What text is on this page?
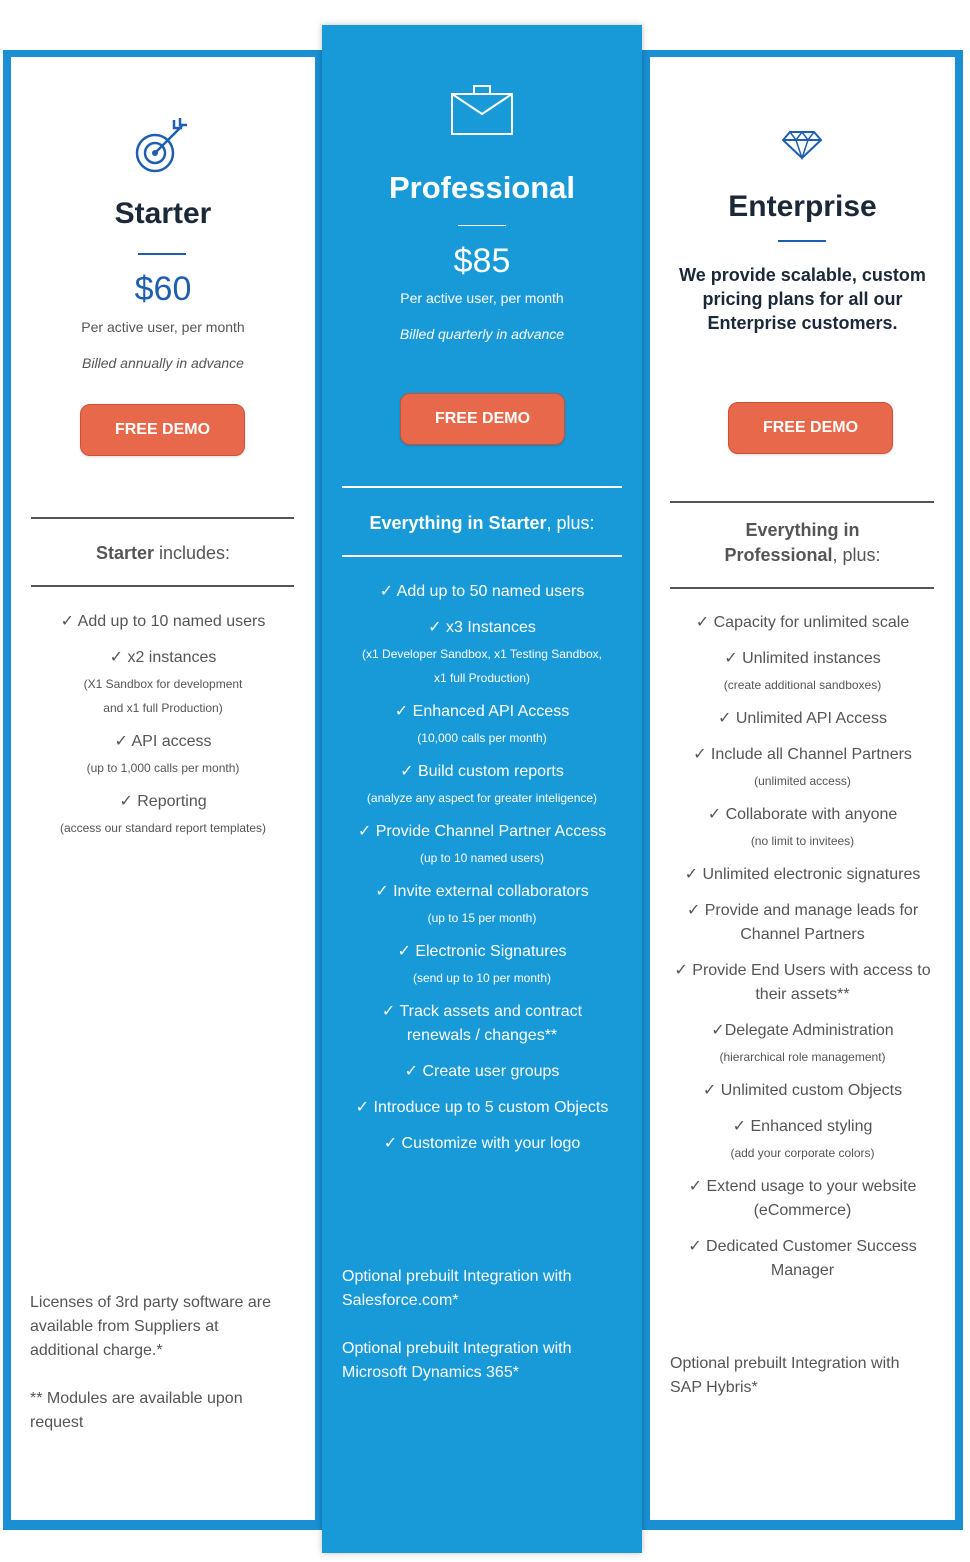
Starter
$60
Per active user, per month
Billed annually in advance
FREE DEMO
Starter includes:
✓ Add up to 10 named users
✓ x2 instances
(X1 Sandbox for development
and x1 full Production)
✓ API access
(up to 1,000 calls per month)
✓ Reporting
(access our standard report templates)
Licenses of 3rd party software are
available from Suppliers at
additional charge.*
** Modules are available upon
request
Professional
$85
Per active user, per month
Billed quarterly in advance
FREE DEMO
Everything in Starter, plus:
✓ Add up to 50 named users
✓ x3 Instances
(x1 Developer Sandbox, x1 Testing Sandbox,
x1 full Production)
✓ Enhanced API Access
(10,000 calls per month)
✓ Build custom reports
(analyze any aspect for greater inteligence)
✓ Provide Channel Partner Access
(up to 10 named users)
✓ Invite external collaborators
(up to 15 per month)
✓ Electronic Signatures
(send up to 10 per month)
✓ Track assets and contract
renewals / changes**
✓ Create user groups
✓ Introduce up to 5 custom Objects
✓ Customize with your logo
Optional prebuilt Integration with
Salesforce.com*
Optional prebuilt Integration with
Microsoft Dynamics 365*
Enterprise
We provide scalable, custom
pricing plans for all our
Enterprise customers.
FREE DEMO
Everything in
Professional, plus:
✓ Capacity for unlimited scale
✓ Unlimited instances
(create additional sandboxes)
✓ Unlimited API Access
✓ Include all Channel Partners
(unlimited access)
✓ Collaborate with anyone
(no limit to invitees)
✓ Unlimited electronic signatures
✓ Provide and manage leads for
Channel Partners
✓ Provide End Users with access to
their assets**
✓Delegate Administration
(hierarchical role management)
✓ Unlimited custom Objects
✓ Enhanced styling
(add your corporate colors)
✓ Extend usage to your website
(eCommerce)
✓ Dedicated Customer Success
Manager
Optional prebuilt Integration with
SAP Hybris*
